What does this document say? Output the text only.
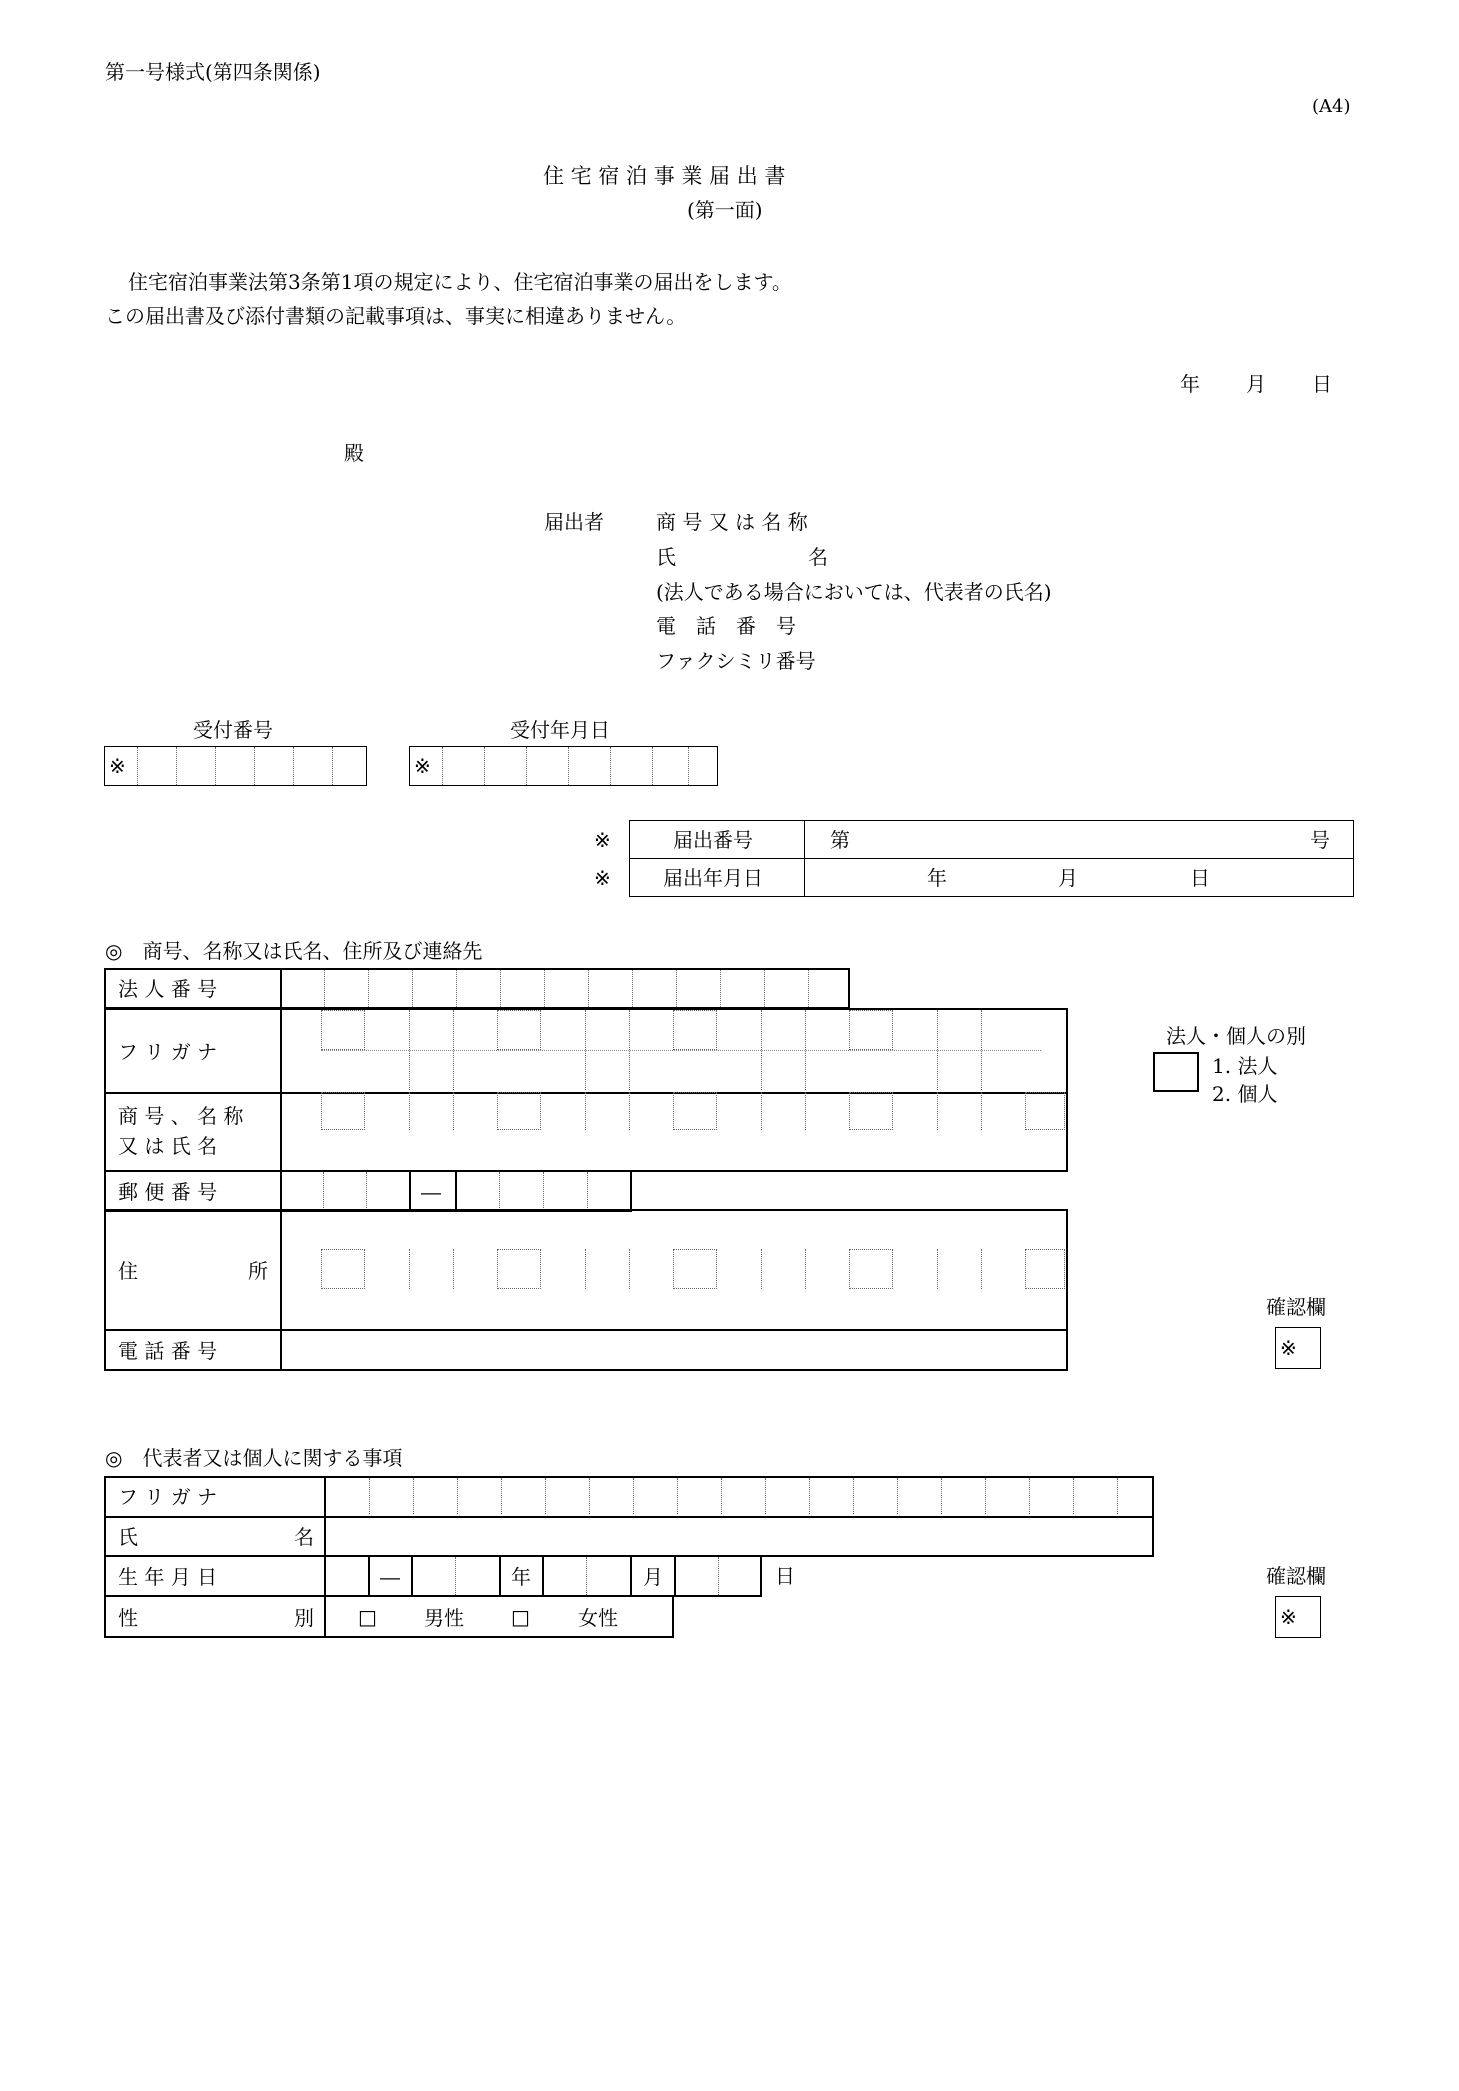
第一号様式(第四条関係)
(A4)
住 宅 宿 泊 事 業 届 出 書
(第一面)
住宅宿泊事業法第3条第1項の規定により、住宅宿泊事業の届出をします。
この届出書及び添付書類の記載事項は、事実に相違ありません。
年 月 日
殿
届出者	商 号 又 は 名 称
氏	名
(法人である場合においては、代表者の氏名)
電　話　番　号
ファクシミリ番号
受付番号
※
受付年月日
※
※
※
届出番号	第	号
届出年月日	年	月	日
◎　商号、名称又は氏名、住所及び連絡先
法 人 番 号
フ リ ガ ナ
商 号 、 名 称
又 は 氏 名
郵 便 番 号	―
住	所
電 話 番 号
法人・個人の別
1. 法人
2. 個人
確認欄
※
◎　代表者又は個人に関する事項
フ リ ガ ナ
氏	名
生 年 月 日	―	年	月	日
性	別 □ 男性 □ 女性
確認欄
※
